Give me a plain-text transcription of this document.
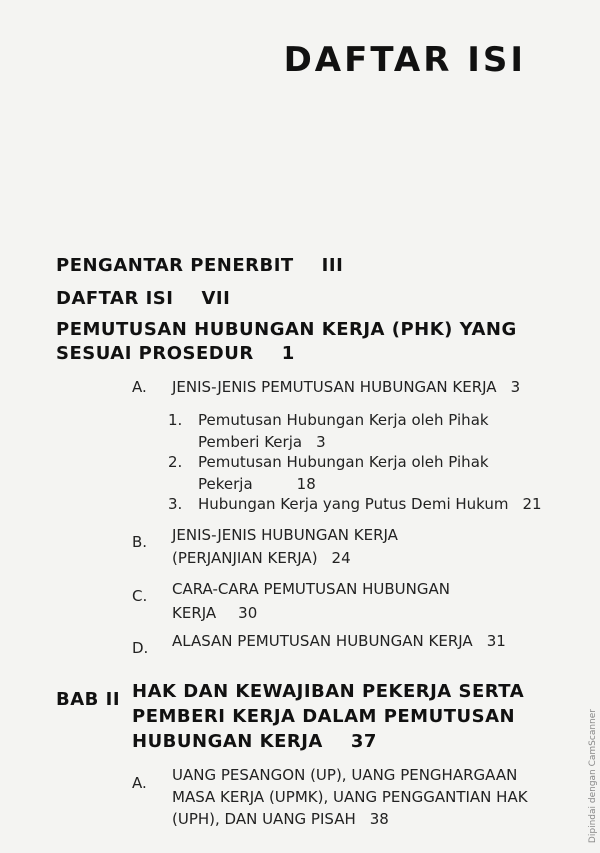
DAFTAR ISI
PENGANTAR PENERBIT III
DAFTAR ISI VII
PEMUTUSAN HUBUNGAN KERJA (PHK) YANG
SESUAI PROSEDUR 1
A. JENIS-JENIS PEMUTUSAN HUBUNGAN KERJA 3
1. Pemutusan Hubungan Kerja oleh Pihak
Pemberi Kerja 3
2. Pemutusan Hubungan Kerja oleh Pihak
Pekerja	18
3. Hubungan Kerja yang Putus Demi Hukum 21
B. JENIS-JENIS HUBUNGAN KERJA
(PERJANJIAN KERJA) 24
C. CARA-CARA PEMUTUSAN HUBUNGAN
KERJA 30
D. ALASAN PEMUTUSAN HUBUNGAN KERJA 31
BAB II HAK DAN KEWAJIBAN PEKERJA SERTA
PEMBERI KERJA DALAM PEMUTUSAN
HUBUNGAN KERJA 37
A. UANG PESANGON (UP), UANG PENGHARGAAN
MASA KERJA (UPMK), UANG PENGGANTIAN HAK
(UPH), DAN UANG PISAH 38	Dipindai dengan CamScanner
